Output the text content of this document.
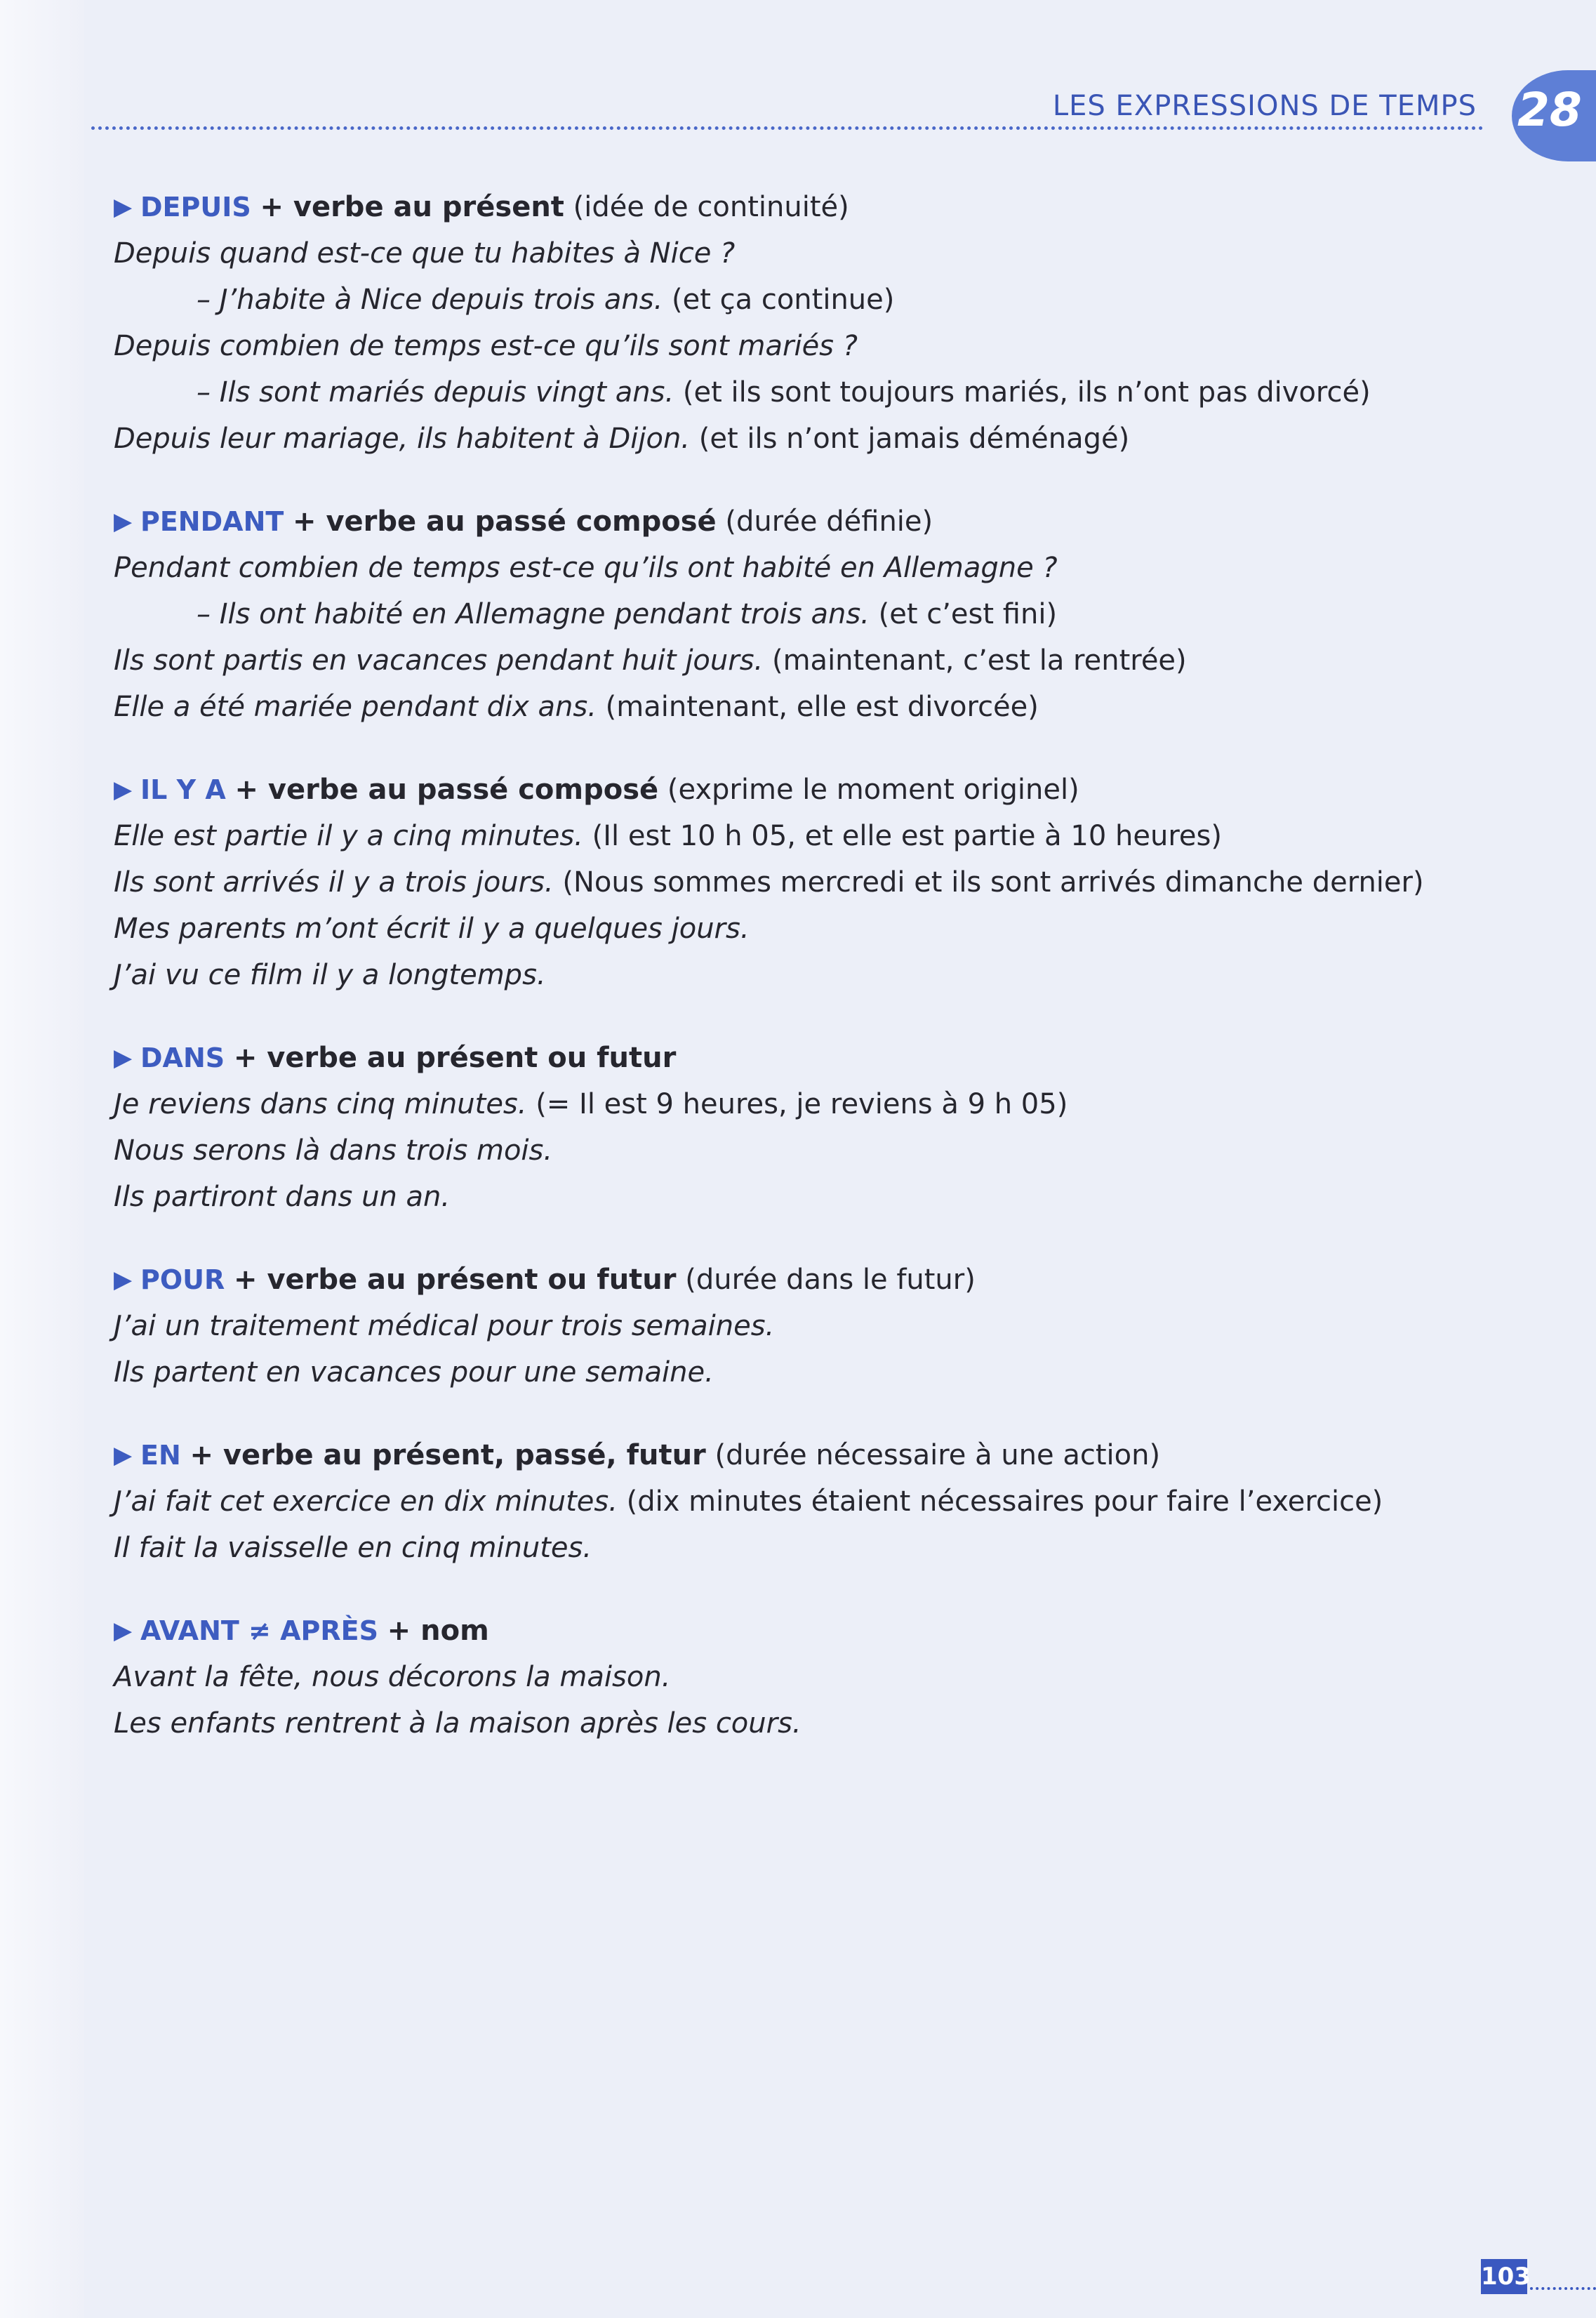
LES EXPRESSIONS DE TEMPS 28
▶ DEPUIS + verbe au présent (idée de continuité)
Depuis quand est-ce que tu habites à Nice ?
– J’habite à Nice depuis trois ans. (et ça continue)
Depuis combien de temps est-ce qu’ils sont mariés ?
– Ils sont mariés depuis vingt ans. (et ils sont toujours mariés, ils n’ont pas divorcé)
Depuis leur mariage, ils habitent à Dijon. (et ils n’ont jamais déménagé)
▶ PENDANT + verbe au passé composé (durée définie)
Pendant combien de temps est-ce qu’ils ont habité en Allemagne ?
– Ils ont habité en Allemagne pendant trois ans. (et c’est fini)
Ils sont partis en vacances pendant huit jours. (maintenant, c’est la rentrée)
Elle a été mariée pendant dix ans. (maintenant, elle est divorcée)
▶ IL Y A + verbe au passé composé (exprime le moment originel)
Elle est partie il y a cinq minutes. (Il est 10 h 05, et elle est partie à 10 heures)
Ils sont arrivés il y a trois jours. (Nous sommes mercredi et ils sont arrivés dimanche dernier)
Mes parents m’ont écrit il y a quelques jours.
J’ai vu ce film il y a longtemps.
▶ DANS + verbe au présent ou futur
Je reviens dans cinq minutes. (= Il est 9 heures, je reviens à 9 h 05)
Nous serons là dans trois mois.
Ils partiront dans un an.
▶ POUR + verbe au présent ou futur (durée dans le futur)
J’ai un traitement médical pour trois semaines.
Ils partent en vacances pour une semaine.
▶ EN + verbe au présent, passé, futur (durée nécessaire à une action)
J’ai fait cet exercice en dix minutes. (dix minutes étaient nécessaires pour faire l’exercice)
Il fait la vaisselle en cinq minutes.
▶ AVANT ≠ APRÈS + nom
Avant la fête, nous décorons la maison.
Les enfants rentrent à la maison après les cours.
103
